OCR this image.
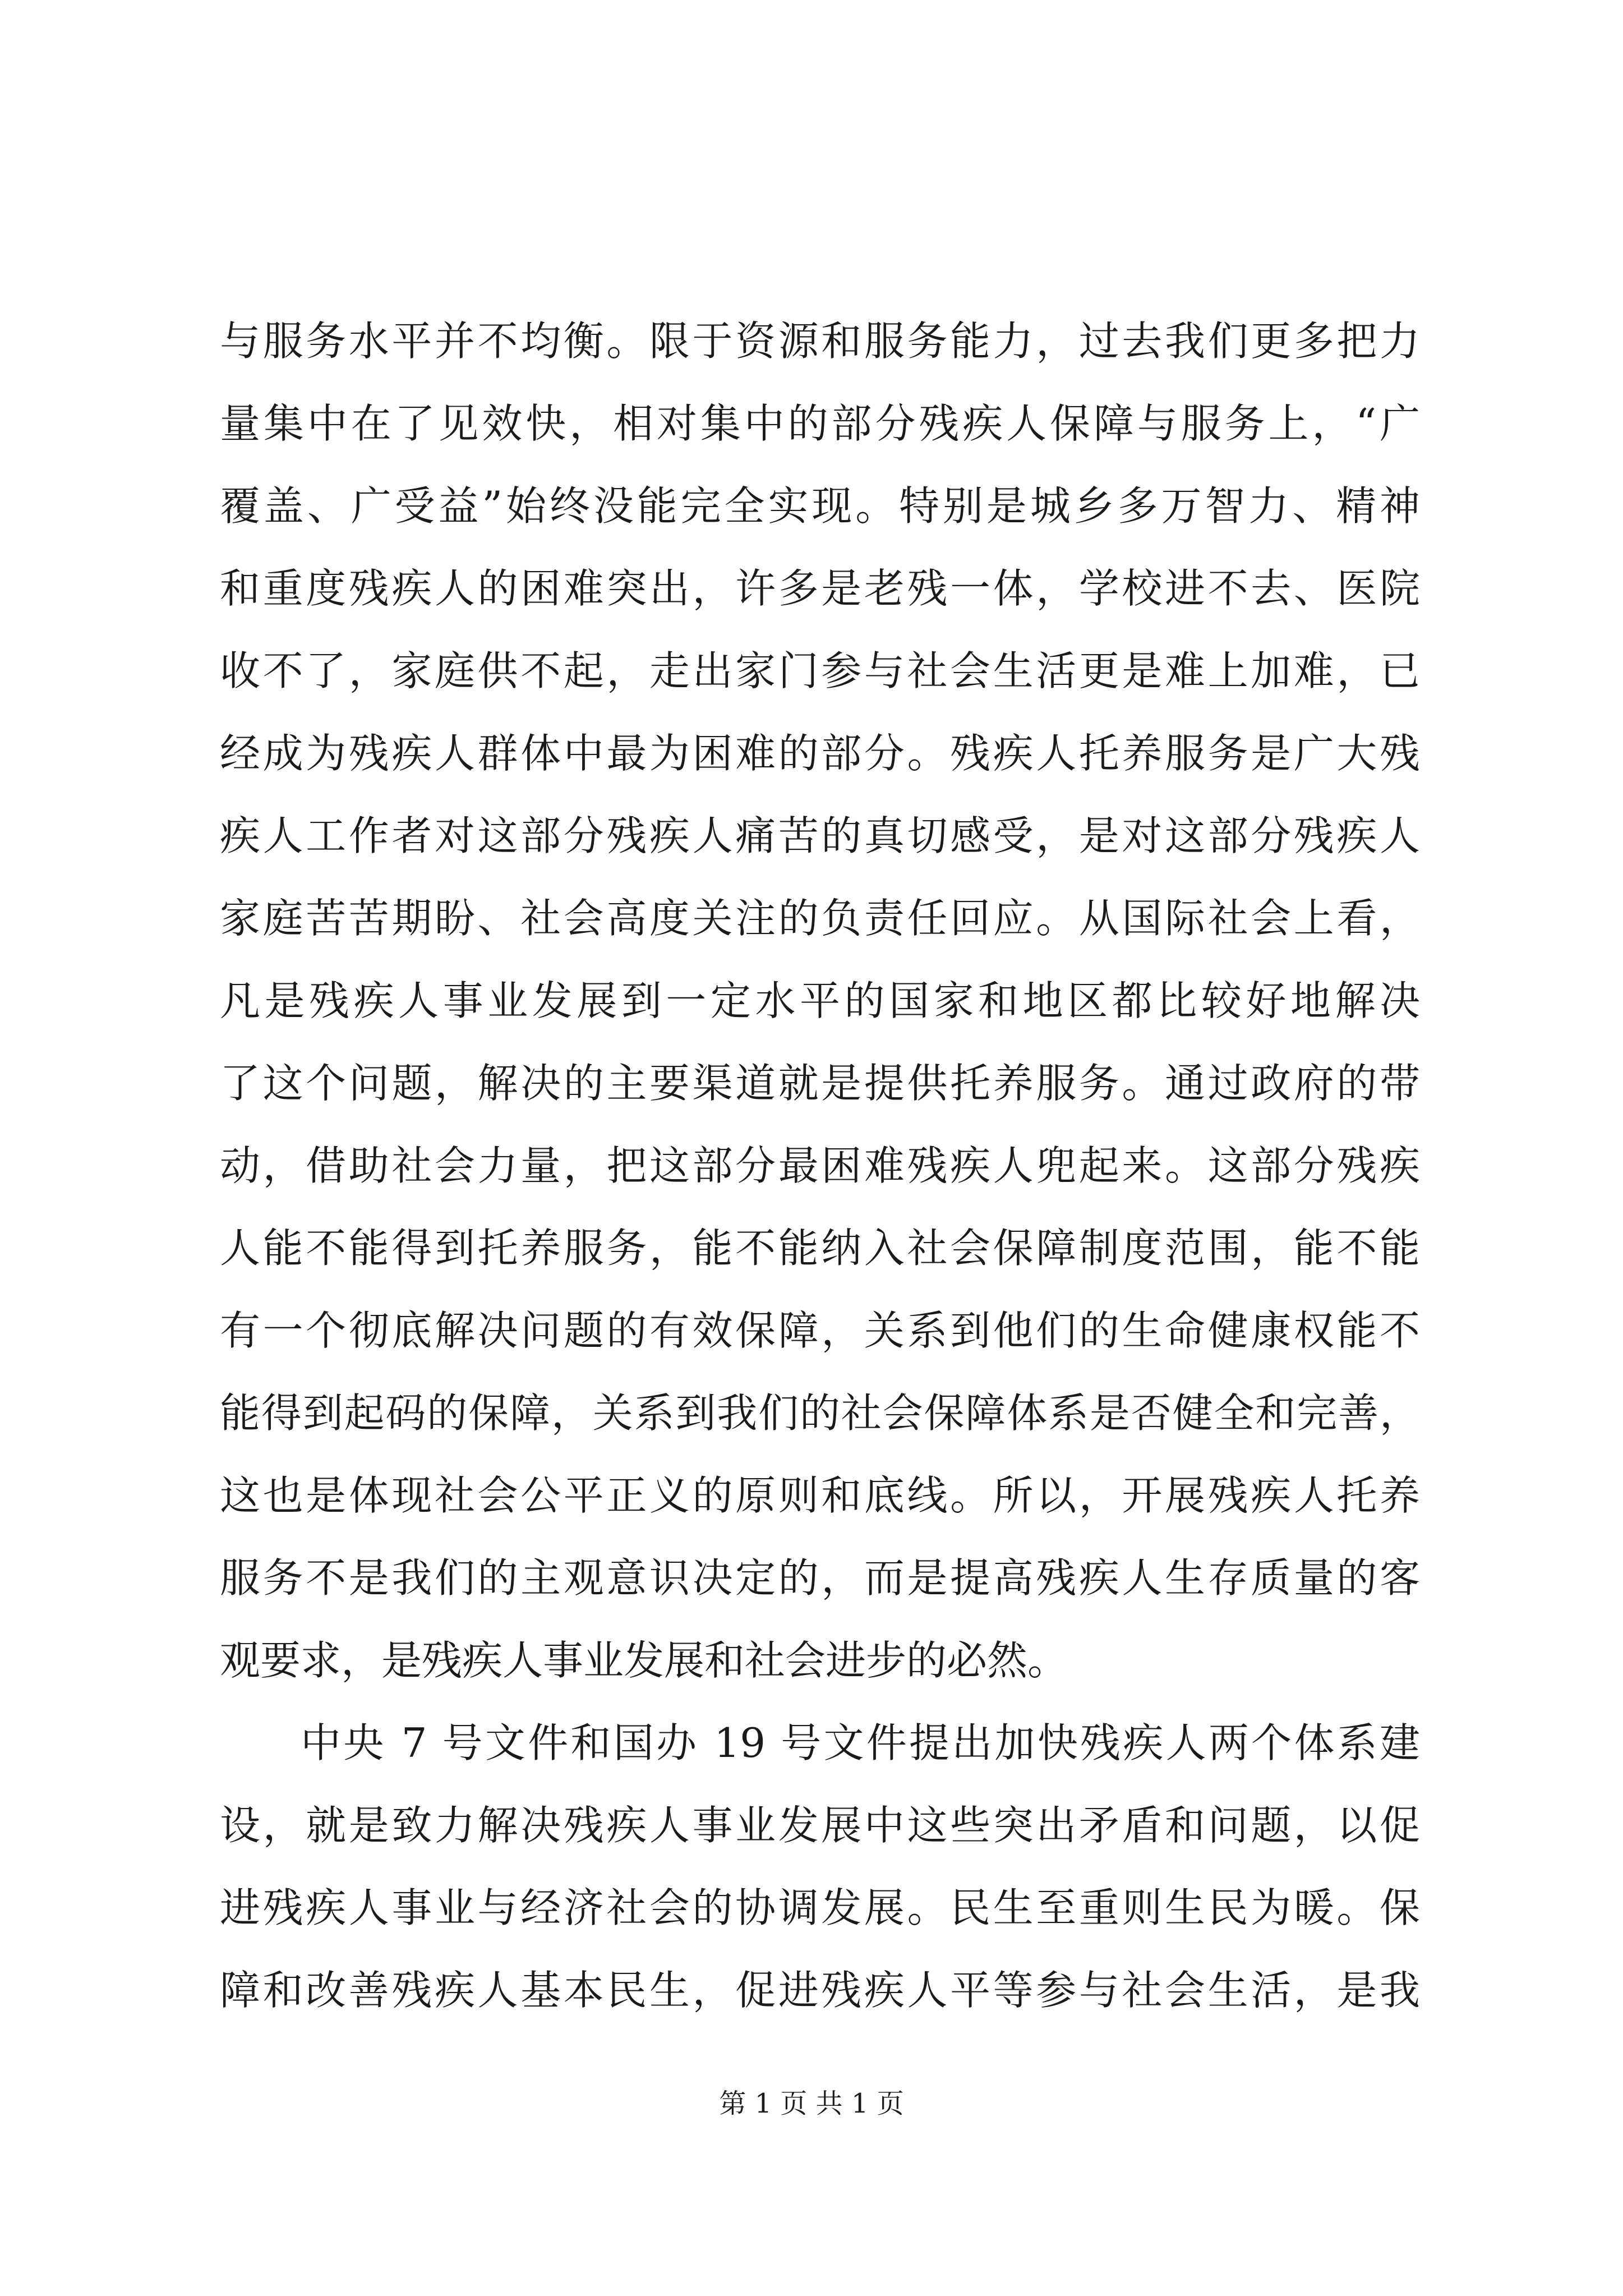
与服务水平并不均衡。限于资源和服务能力，过去我们更多把力
量集中在了见效快，相对集中的部分残疾人保障与服务上，“广
覆盖、广受益”始终没能完全实现。特别是城乡多万智力、精神
和重度残疾人的困难突出，许多是老残一体，学校进不去、医院
收不了，家庭供不起，走出家门参与社会生活更是难上加难，已
经成为残疾人群体中最为困难的部分。残疾人托养服务是广大残
疾人工作者对这部分残疾人痛苦的真切感受，是对这部分残疾人
家庭苦苦期盼、社会高度关注的负责任回应。从国际社会上看，
凡是残疾人事业发展到一定水平的国家和地区都比较好地解决
了这个问题，解决的主要渠道就是提供托养服务。通过政府的带
动，借助社会力量，把这部分最困难残疾人兜起来。这部分残疾
人能不能得到托养服务，能不能纳入社会保障制度范围，能不能
有一个彻底解决问题的有效保障，关系到他们的生命健康权能不
能得到起码的保障，关系到我们的社会保障体系是否健全和完善，
这也是体现社会公平正义的原则和底线。所以，开展残疾人托养
服务不是我们的主观意识决定的，而是提高残疾人生存质量的客
观要求，是残疾人事业发展和社会进步的必然。
中央 7 号文件和国办 19 号文件提出加快残疾人两个体系建
设，就是致力解决残疾人事业发展中这些突出矛盾和问题，以促
进残疾人事业与经济社会的协调发展。民生至重则生民为暖。保
障和改善残疾人基本民生，促进残疾人平等参与社会生活，是我
第 1 页 共 1 页
